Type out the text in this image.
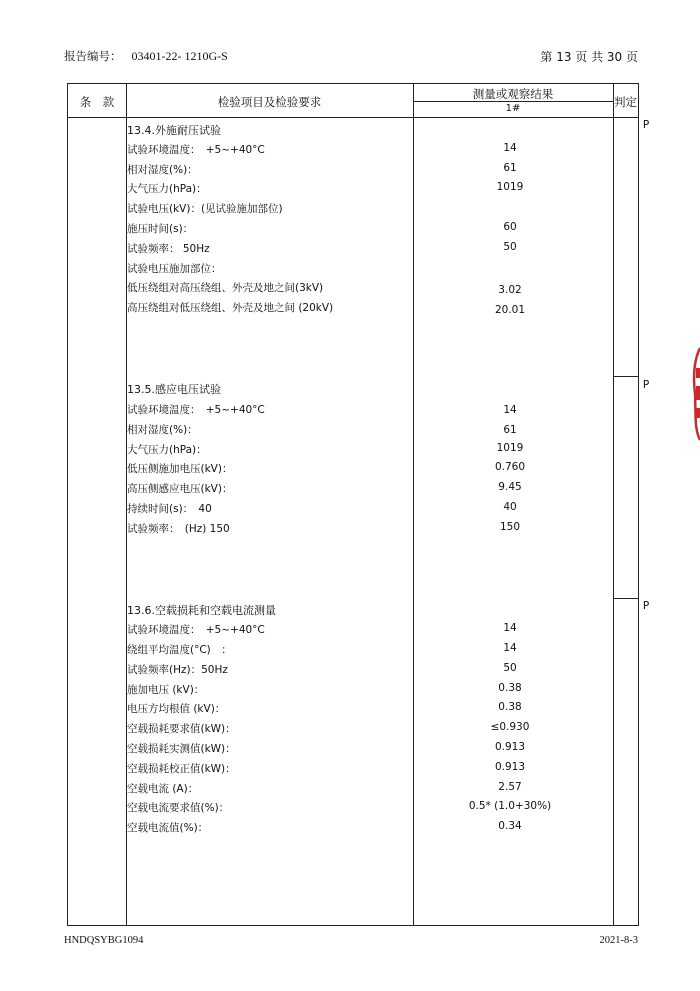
报告编号： 03401-22- 1210G-S	第 13 页 共 30 页
条　款	检验项目及检验要求
测量或观察结果
1#	判定
13.4.外施耐压试验
试验环境温度：　+5~+40°C	14
相对湿度(%)：	61
大气压力(hPa)：	1019
试验电压(kV)：(见试验施加部位)
施压时间(s)：	60
试验频率： 50Hz	50
试验电压施加部位：
低压绕组对高压绕组、外壳及地之间(3kV)	3.02
高压绕组对低压绕组、外壳及地之间 (20kV)	20.01
P
13.5.感应电压试验
试验环境温度：　+5~+40°C	14
相对湿度(%)：	61
大气压力(hPa)：	1019
低压侧施加电压(kV)：	0.760
高压侧感应电压(kV)：	9.45
持续时间(s)：　40	40
试验频率：　(Hz) 150	150
P
13.6.空载损耗和空载电流测量
试验环境温度：　+5~+40°C	14
绕组平均温度(°C)　：	14
试验频率(Hz)：50Hz	50
施加电压 (kV)：	0.38
电压方均根值 (kV)：	0.38
空载损耗要求值(kW)：	≤0.930
空载损耗实测值(kW)：	0.913
空载损耗校正值(kW)：	0.913
空载电流 (A)：	2.57
空载电流要求值(%)：	0.5* (1.0+30%)
空载电流值(%)：	0.34
P
HNDQSYBG1094	2021-8-3
